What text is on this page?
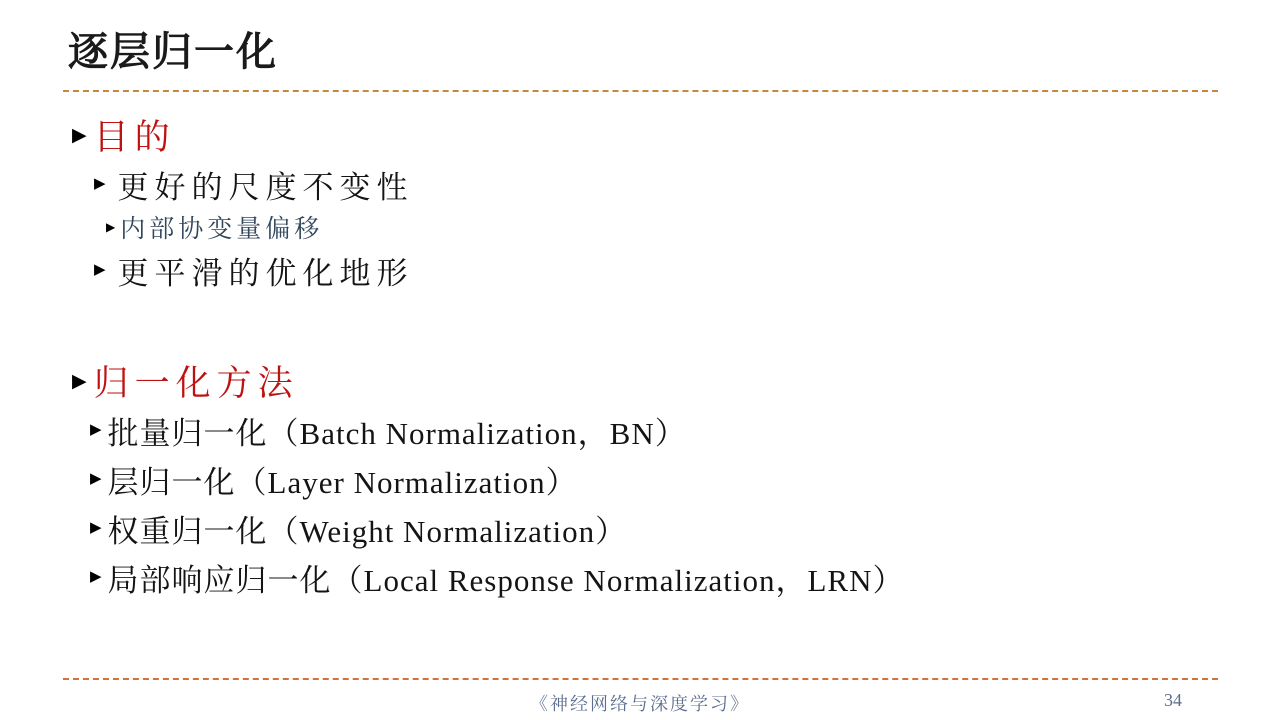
逐层归一化
▶ 目的
▶ 更好的尺度不变性
▶ 内部协变量偏移
▶ 更平滑的优化地形
▶ 归一化方法
▶ 批量归一化（Batch Normalization，BN）
▶ 层归一化（Layer Normalization）
▶ 权重归一化（Weight Normalization）
▶ 局部响应归一化（Local Response Normalization，LRN）
《神经网络与深度学习》	34
